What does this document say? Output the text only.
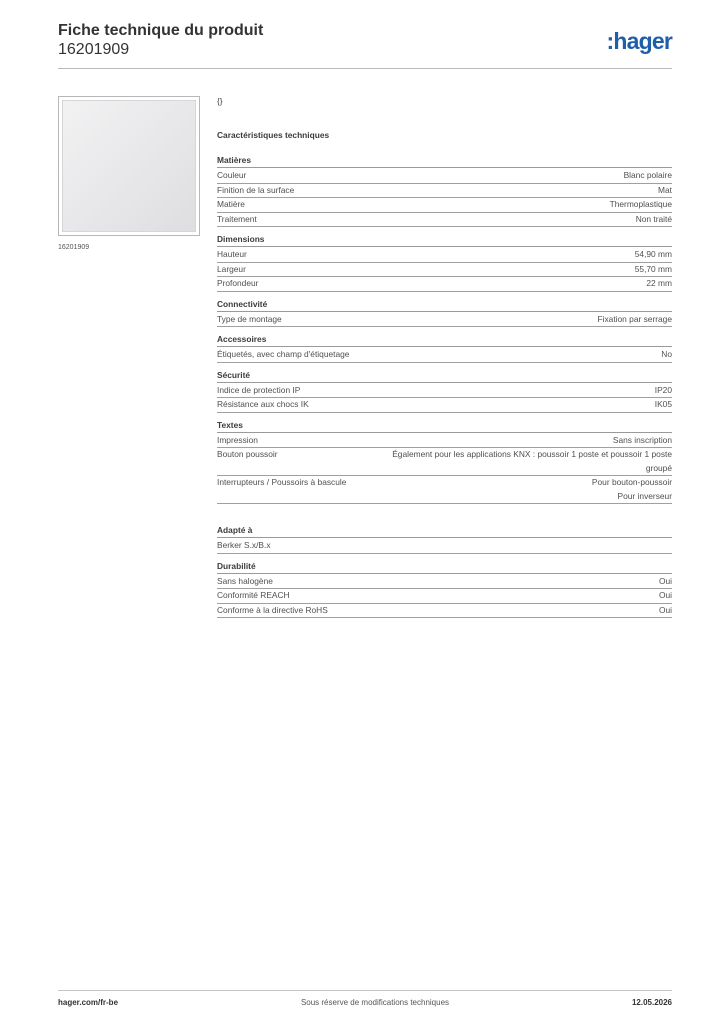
Fiche technique du produit
16201909	:hager
16201909
{}
Caractéristiques techniques
Matières
Couleur	Blanc polaire
Finition de la surface	Mat
Matière	Thermoplastique
Traitement	Non traité
Dimensions
Hauteur	54,90 mm
Largeur	55,70 mm
Profondeur	22 mm
Connectivité
Type de montage	Fixation par serrage
Accessoires
Étiquetés, avec champ d'étiquetage	No
Sécurité
Indice de protection IP	IP20
Résistance aux chocs IK	IK05
Textes
Impression	Sans inscription
Bouton poussoir	Également pour les applications KNX : poussoir 1 poste et poussoir 1 poste groupé
Interrupteurs / Poussoirs à bascule	Pour bouton-poussoir
Pour inverseur
Adapté à
Berker S.x/B.x
Durabilité
Sans halogène	Oui
Conformité REACH	Oui
Conforme à la directive RoHS	Oui
hager.com/fr-be	Sous réserve de modifications techniques	12.05.2026
